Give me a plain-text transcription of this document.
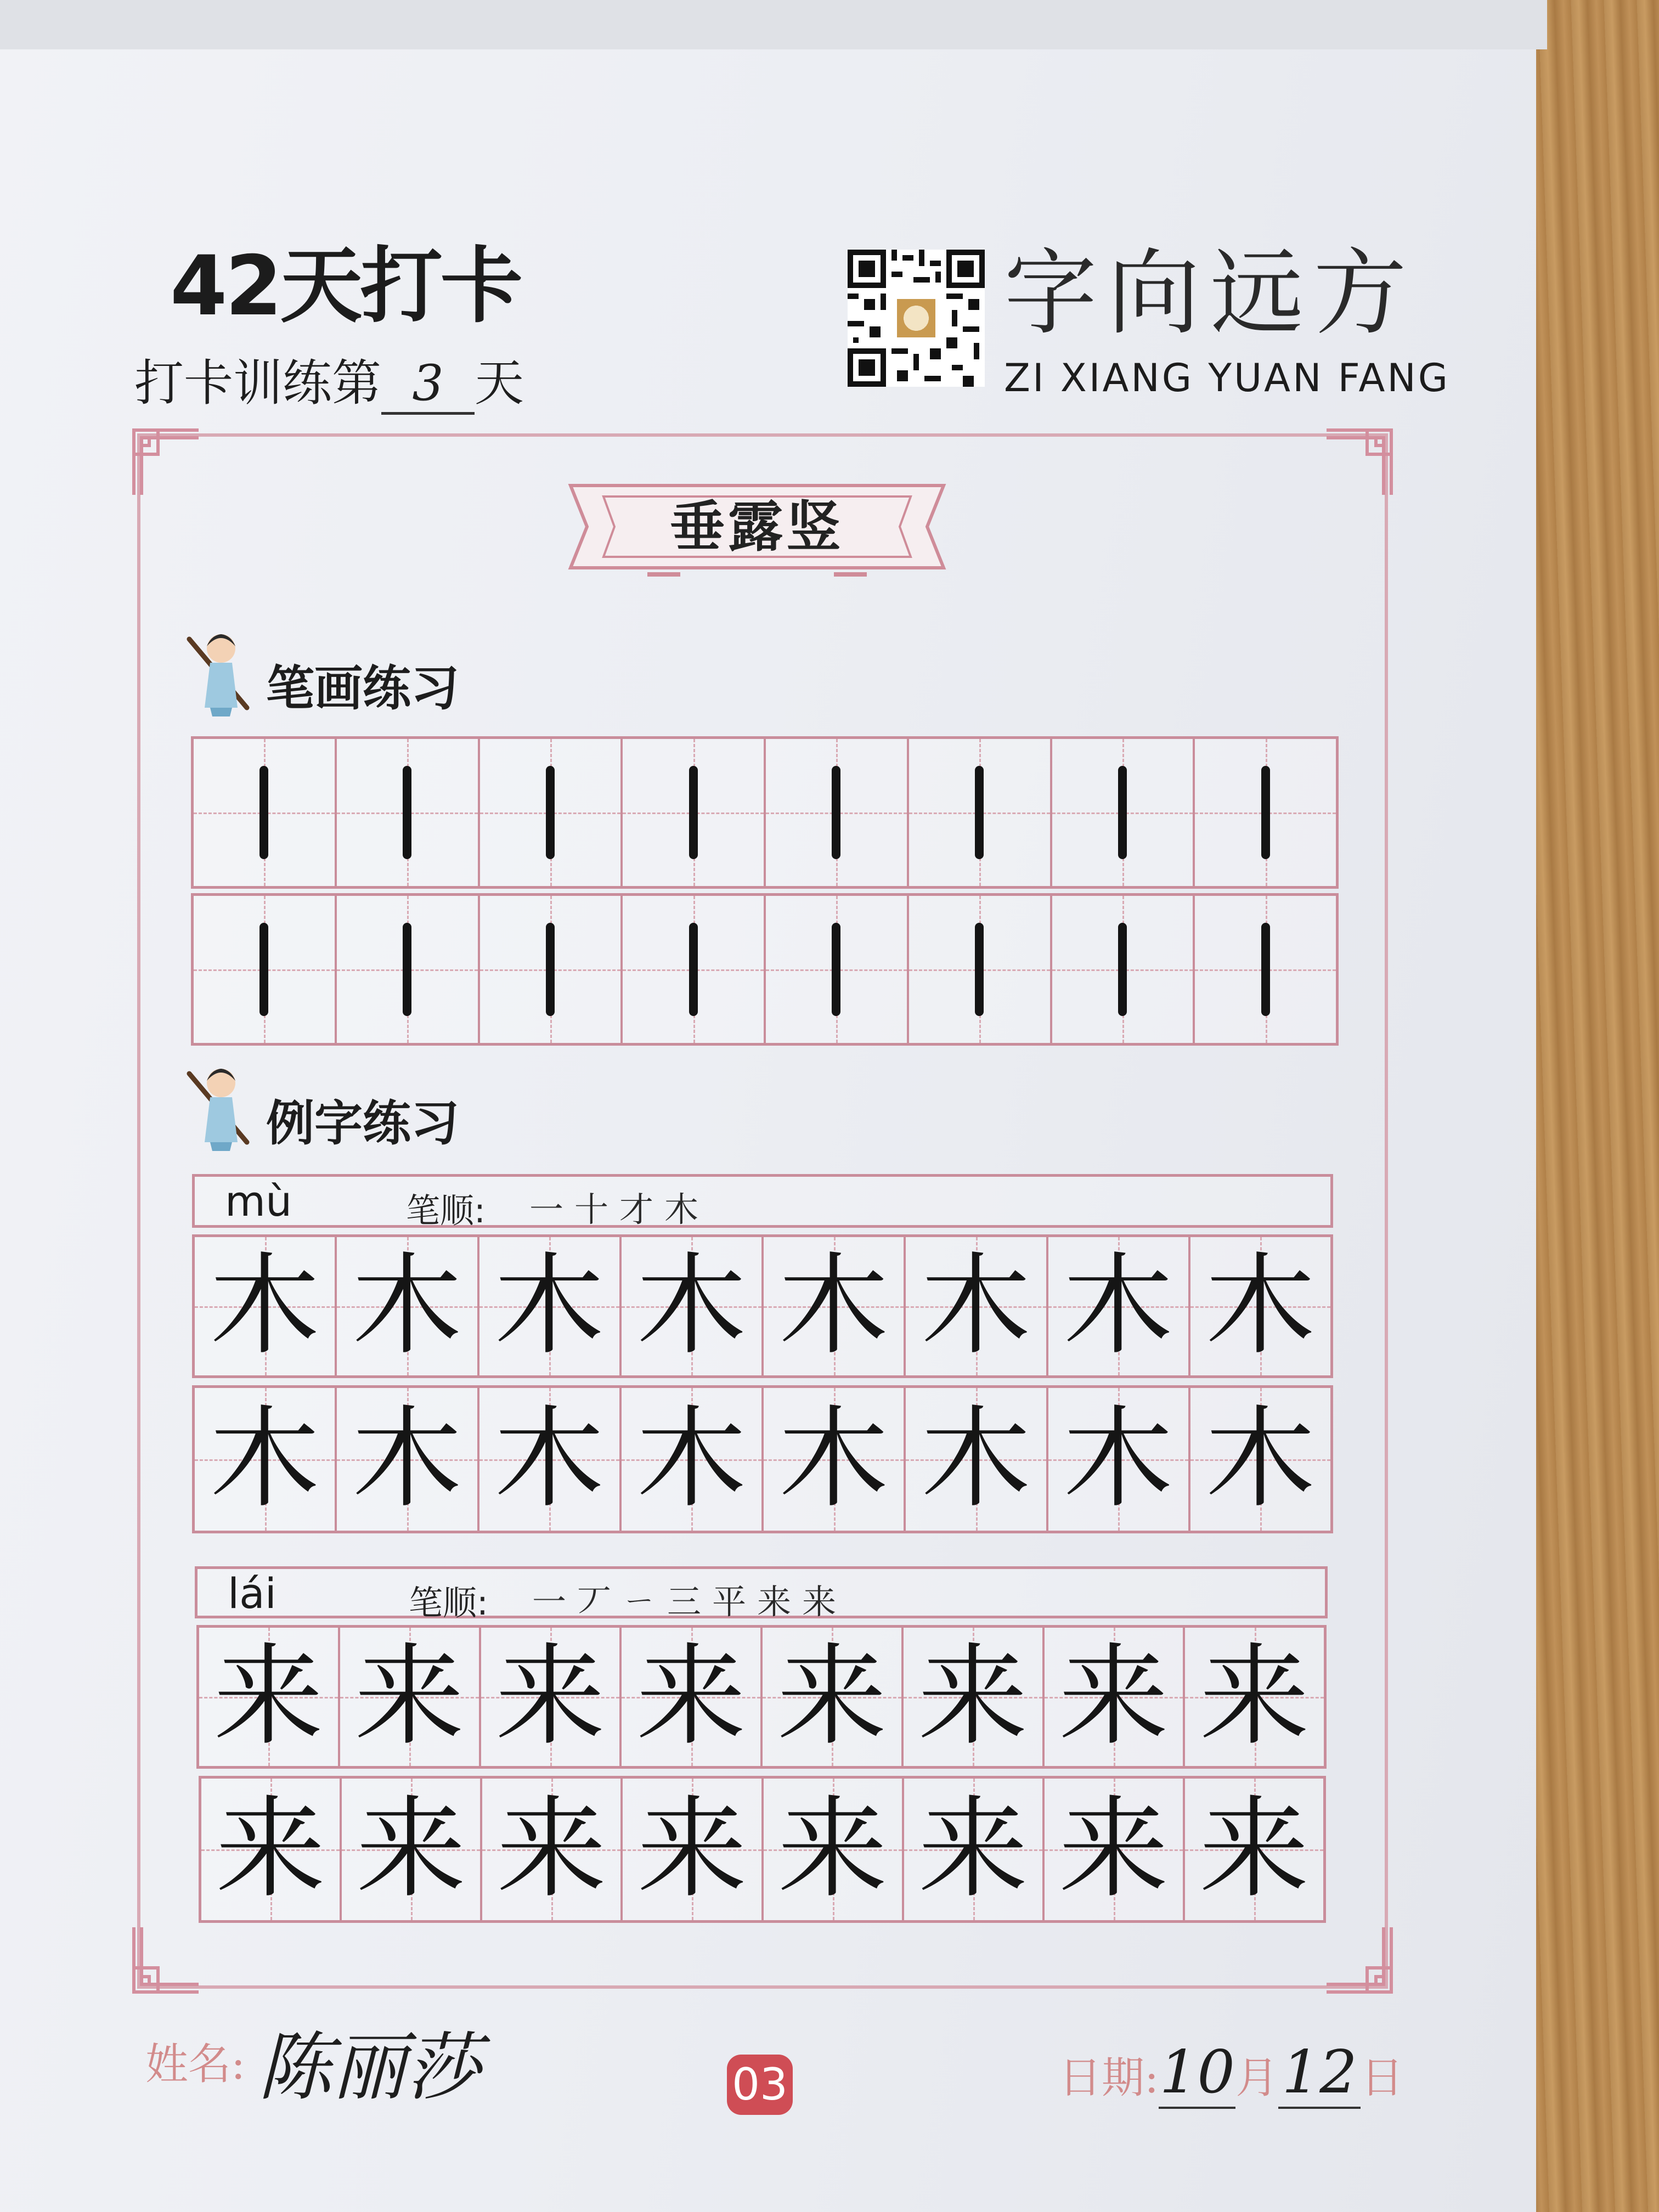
42天打卡
打卡训练第 3 天
字向远方
ZI XIANG YUAN FANG
垂露竖
笔画练习
例字练习
mù	笔顺: 一十才木
木 木 木 木 木 木 木 木
木 木 木 木 木 木 木 木
lái	笔顺: 一丆ㄧ三平来来
来 来 来 来 来 来 来 来
来 来 来 来 来 来 来 来
姓名: 陈丽莎	03	日期:10月12日
